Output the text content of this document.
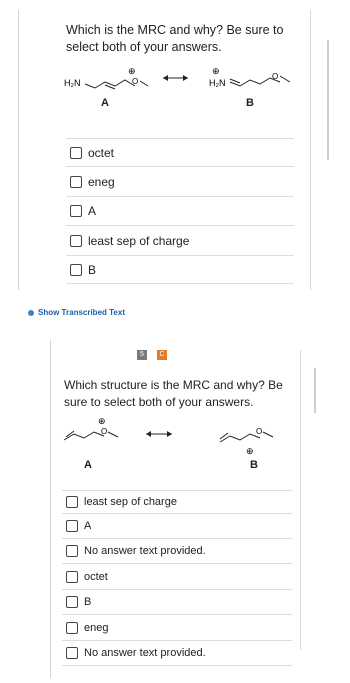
Which is the MRC and why? Be sure to
select both of your answers.
H₂N	O
⊕	⊕
H₂N
O
A	B
octet
eneg
A
least sep of charge
B
Show Transcribed Text
5	C
Which structure is the MRC and why? Be
sure to select both of your answers.
O
⊕
O
⊕
A	B
least sep of charge
A
No answer text provided.
octet
B
eneg
No answer text provided.
